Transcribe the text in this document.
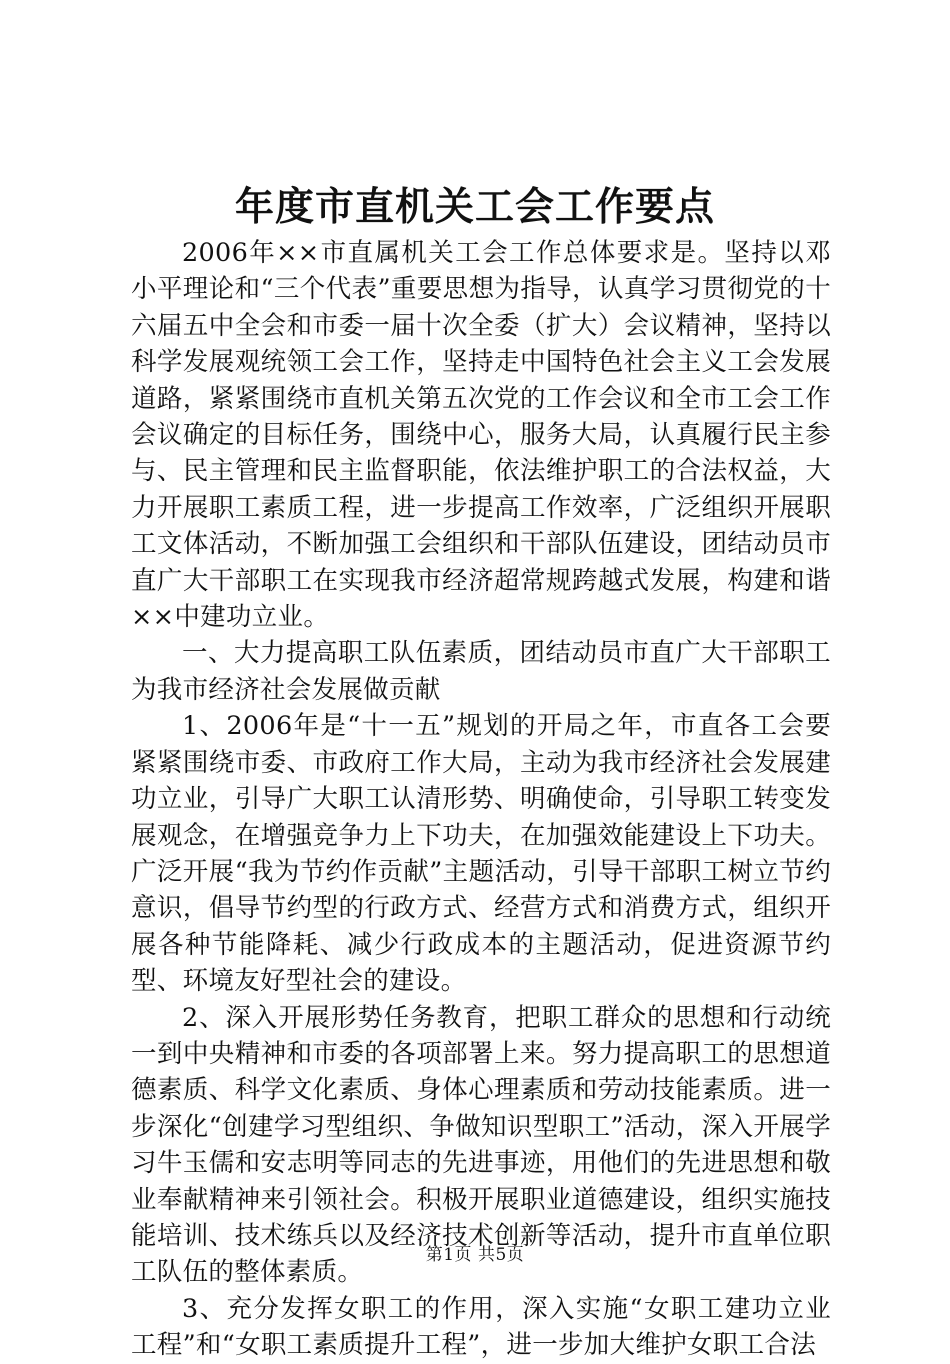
年度市直机关工会工作要点

2006年××市直属机关工会工作总体要求是。坚持以邓小平理论和“三个代表”重要思想为指导，认真学习贯彻党的十六届五中全会和市委一届十次全委（扩大）会议精神，坚持以科学发展观统领工会工作，坚持走中国特色社会主义工会发展道路，紧紧围绕市直机关第五次党的工作会议和全市工会工作会议确定的目标任务，围绕中心，服务大局，认真履行民主参与、民主管理和民主监督职能，依法维护职工的合法权益，大力开展职工素质工程，进一步提高工作效率，广泛组织开展职工文体活动，不断加强工会组织和干部队伍建设，团结动员市直广大干部职工在实现我市经济超常规跨越式发展，构建和谐××中建功立业。

一、大力提高职工队伍素质，团结动员市直广大干部职工为我市经济社会发展做贡献

1、2006年是“十一五”规划的开局之年，市直各工会要紧紧围绕市委、市政府工作大局，主动为我市经济社会发展建功立业，引导广大职工认清形势、明确使命，引导职工转变发展观念，在增强竞争力上下功夫，在加强效能建设上下功夫。广泛开展“我为节约作贡献”主题活动，引导干部职工树立节约意识，倡导节约型的行政方式、经营方式和消费方式，组织开展各种节能降耗、减少行政成本的主题活动，促进资源节约型、环境友好型社会的建设。

2、深入开展形势任务教育，把职工群众的思想和行动统一到中央精神和市委的各项部署上来。努力提高职工的思想道德素质、科学文化素质、身体心理素质和劳动技能素质。进一步深化“创建学习型组织、争做知识型职工”活动，深入开展学习牛玉儒和安志明等同志的先进事迹，用他们的先进思想和敬业奉献精神来引领社会。积极开展职业道德建设，组织实施技能培训、技术练兵以及经济技术创新等活动，提升市直单位职工队伍的整体素质。

3、充分发挥女职工的作用，深入实施“女职工建功立业工程”和“女职工素质提升工程”，进一步加大维护女职工合法

第1页 共5页
